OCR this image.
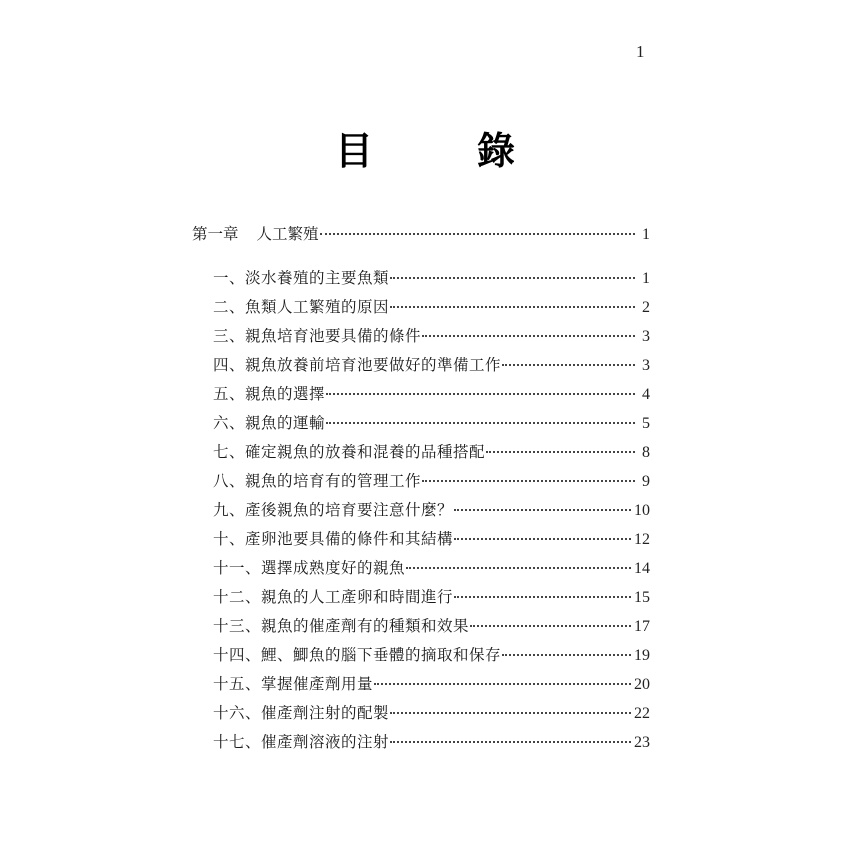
1
目	錄
第一章 人工繁殖	1
一、淡水養殖的主要魚類	1
二、魚類人工繁殖的原因	2
三、親魚培育池要具備的條件	3
四、親魚放養前培育池要做好的準備工作	3
五、親魚的選擇	4
六、親魚的運輸	5
七、確定親魚的放養和混養的品種搭配	8
八、親魚的培育有的管理工作	9
九、產後親魚的培育要注意什麼？	10
十、產卵池要具備的條件和其結構	12
十一、選擇成熟度好的親魚	14
十二、親魚的人工產卵和時間進行	15
十三、親魚的催產劑有的種類和效果	17
十四、鯉、鯽魚的腦下垂體的摘取和保存	19
十五、掌握催產劑用量	20
十六、催產劑注射的配製	22
十七、催產劑溶液的注射	23
